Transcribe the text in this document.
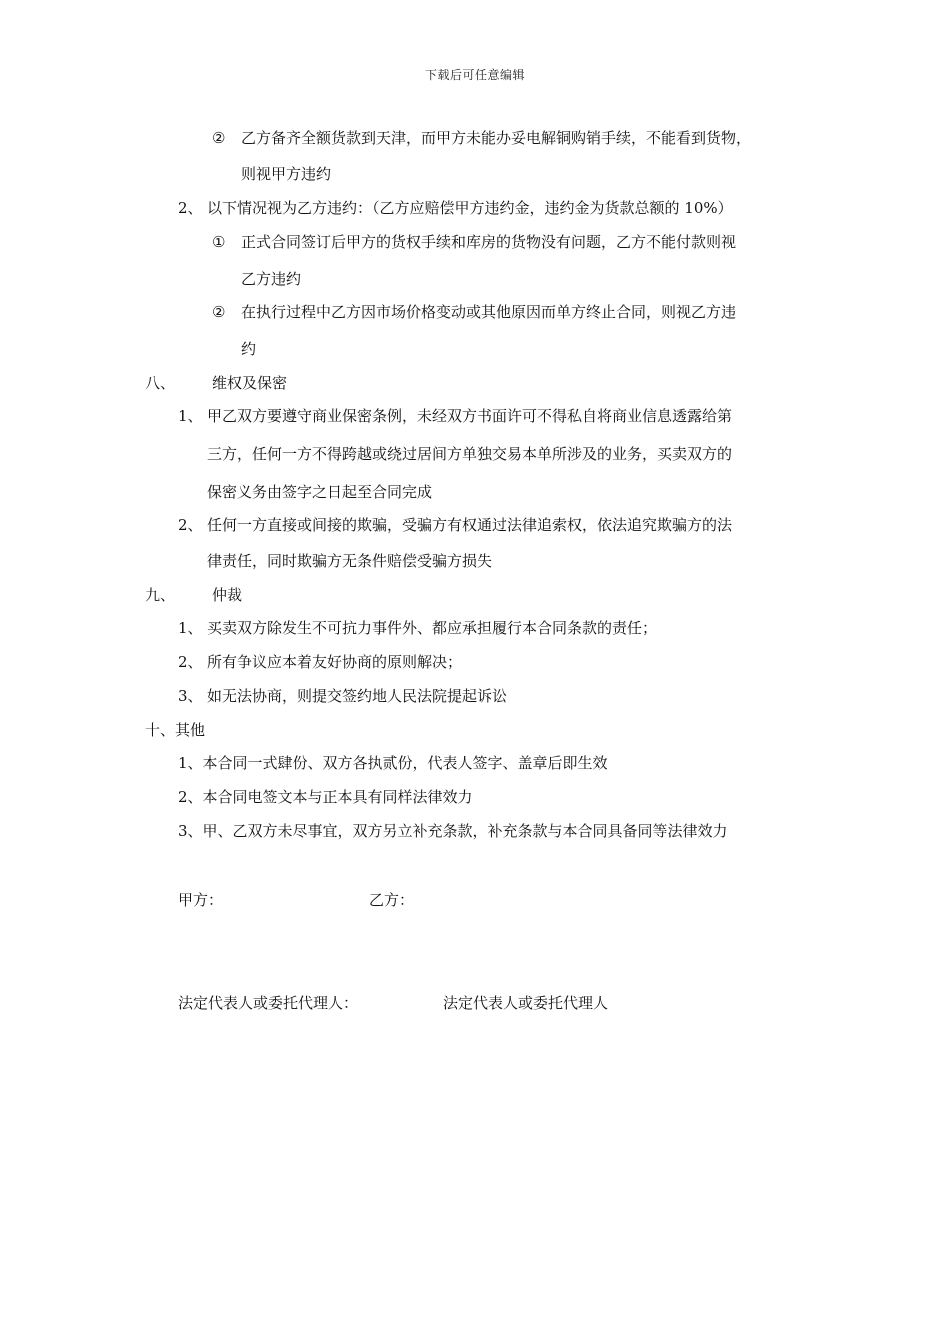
下载后可任意编辑
② 乙方备齐全额货款到天津，而甲方未能办妥电解铜购销手续，不能看到货物，
则视甲方违约
2、 以下情况视为乙方违约：（乙方应赔偿甲方违约金，违约金为货款总额的 10%）
① 正式合同签订后甲方的货权手续和库房的货物没有问题，乙方不能付款则视
乙方违约
② 在执行过程中乙方因市场价格变动或其他原因而单方终止合同，则视乙方违
约
八、 维权及保密
1、 甲乙双方要遵守商业保密条例，未经双方书面许可不得私自将商业信息透露给第
三方，任何一方不得跨越或绕过居间方单独交易本单所涉及的业务，买卖双方的
保密义务由签字之日起至合同完成
2、 任何一方直接或间接的欺骗，受骗方有权通过法律追索权，依法追究欺骗方的法
律责任，同时欺骗方无条件赔偿受骗方损失
九、 仲裁
1、 买卖双方除发生不可抗力事件外、都应承担履行本合同条款的责任；
2、 所有争议应本着友好协商的原则解决；
3、 如无法协商，则提交签约地人民法院提起诉讼
十、其他
1、本合同一式肆份、双方各执贰份，代表人签字、盖章后即生效
2、本合同电签文本与正本具有同样法律效力
3、甲、乙双方未尽事宜，双方另立补充条款，补充条款与本合同具备同等法律效力
甲方：	乙方：
法定代表人或委托代理人：	法定代表人或委托代理人
